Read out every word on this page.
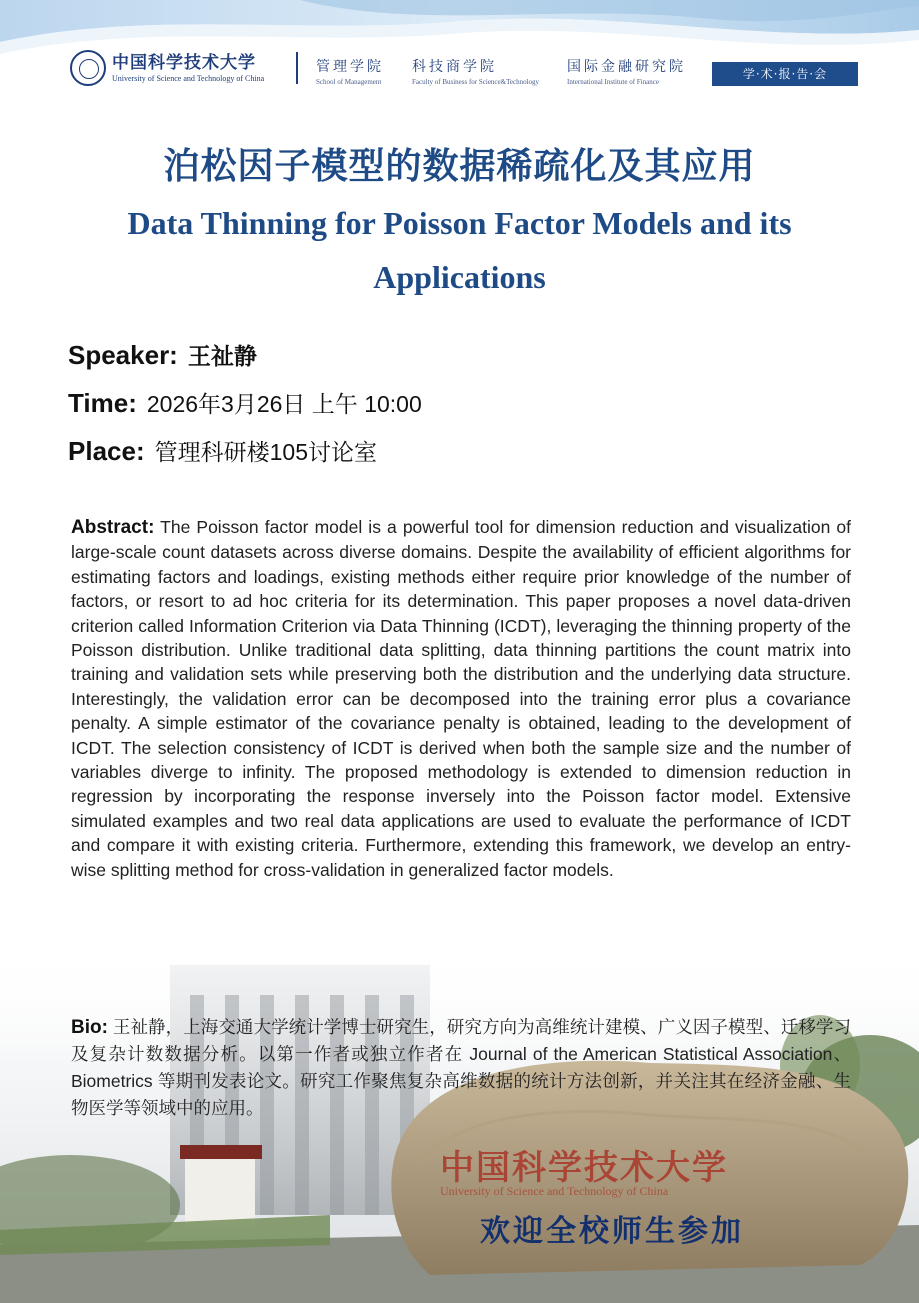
中国科学技术大学
University of Science and Technology of China
管理学院
School of Management
科技商学院
Faculty of Business for Science&Technology
国际金融研究院
International Institute of Finance
学·术·报·告·会
泊松因子模型的数据稀疏化及其应用
Data Thinning for Poisson Factor Models and its Applications
Speaker: 王祉静
Time: 2026年3月26日 上午 10:00
Place: 管理科研楼105讨论室
中国科学技术大学
University of Science and Technology of China
欢迎全校师生参加
Abstract: The Poisson factor model is a powerful tool for dimension reduction and visualization of large-scale count datasets across diverse domains. Despite the availability of efficient algorithms for estimating factors and loadings, existing methods either require prior knowledge of the number of factors, or resort to ad hoc criteria for its determination. This paper proposes a novel data-driven criterion called Information Criterion via Data Thinning (ICDT), leveraging the thinning property of the Poisson distribution. Unlike traditional data splitting, data thinning partitions the count matrix into training and validation sets while preserving both the distribution and the underlying data structure. Interestingly, the validation error can be decomposed into the training error plus a covariance penalty. A simple estimator of the covariance penalty is obtained, leading to the development of ICDT. The selection consistency of ICDT is derived when both the sample size and the number of variables diverge to infinity. The proposed methodology is extended to dimension reduction in regression by incorporating the response inversely into the Poisson factor model. Extensive simulated examples and two real data applications are used to evaluate the performance of ICDT and compare it with existing criteria. Furthermore, extending this framework, we develop an entry-wise splitting method for cross-validation in generalized factor models.
Bio: 王祉静，上海交通大学统计学博士研究生，研究方向为高维统计建模、广义因子模型、迁移学习及复杂计数数据分析。以第一作者或独立作者在 Journal of the American Statistical Association、Biometrics 等期刊发表论文。研究工作聚焦复杂高维数据的统计方法创新，并关注其在经济金融、生物医学等领域中的应用。
